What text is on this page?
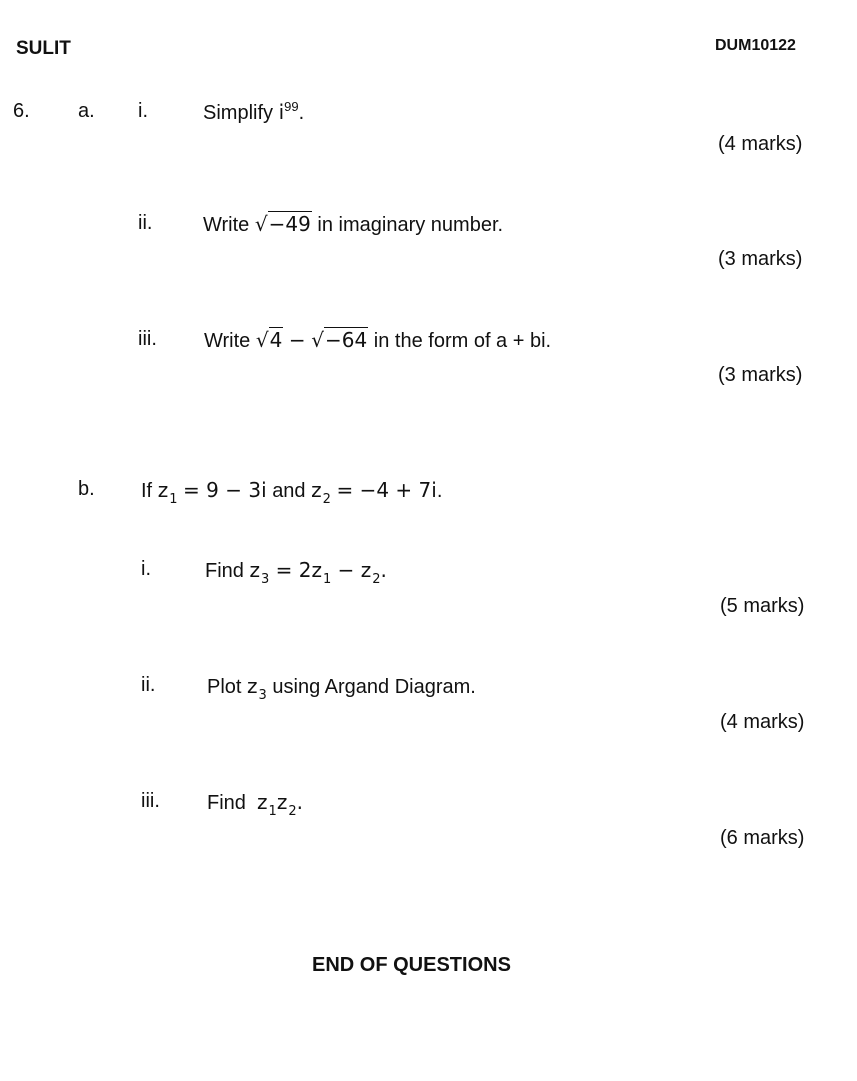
SULIT	DUM10122
6. a. i.	Simplify $i^{99}$.
(4 marks)
ii.	Write √−49 in imaginary number.
(3 marks)
iii. Write √4 − √−64 in the form of a + bi.
(3 marks)
b. If $z_1 = 9 - 3i$ and $z_2 = -4 + 7i$.
i.	Find $z_3 = 2z_1 - z_2$.
(5 marks)
ii.	Plot $z_3$ using Argand Diagram.
(4 marks)
iii. Find $z_1z_2$.
(6 marks)
END OF QUESTIONS
